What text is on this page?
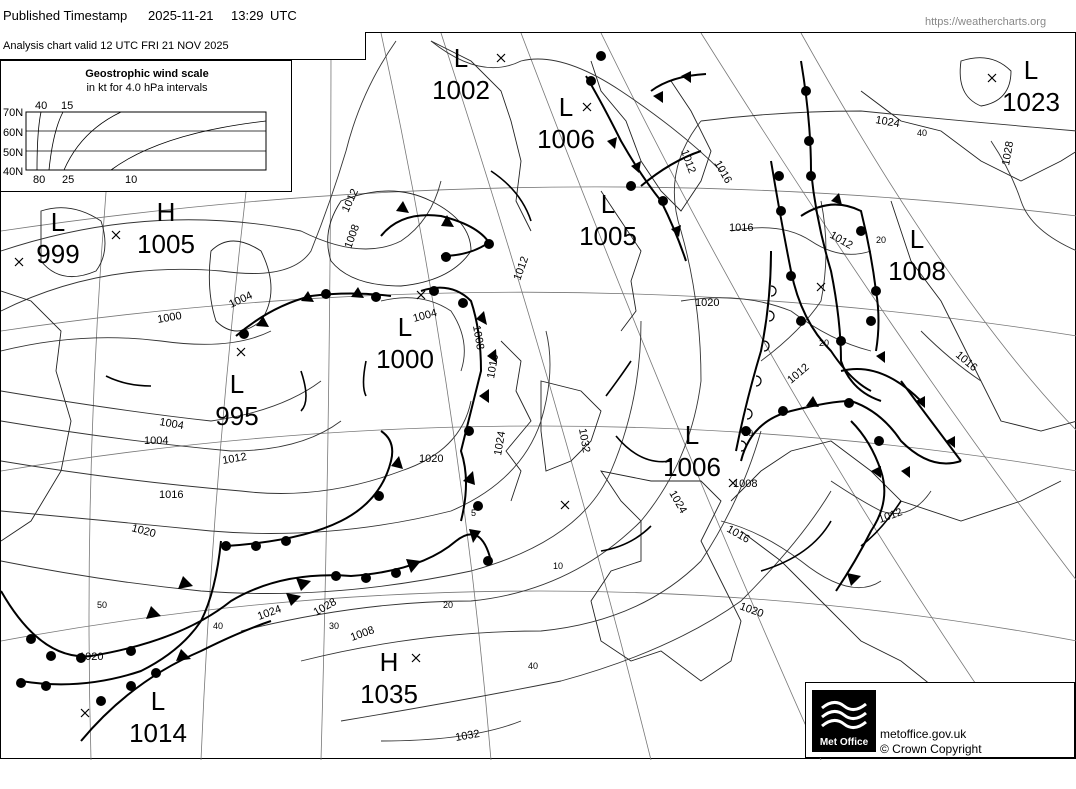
Published Timestamp 2025-11-21 13:29 UTC	https://weathercharts.org
L
1002
L
1006
L
1023
L
999
H
1005
L
1005	L
1008
L
1000
L
995
L
1006
H
1035
L
1014
1024
1020
1028
1012 1016
1012
1008
1012
1004
1008
1016
1016
1012
1020
1012
1004
1000
1004
1004
1008
1012
1016
1020
1020
1024	1028
1024	1032
1016
1008
1024
1016
1012
1020
1032
40
20
20
10
10
5
50
40	30
20
40
Analysis chart valid 12 UTC FRI 21 NOV 2025
Geostrophic wind scale
in kt for 4.0 hPa intervals
70N
60N
50N
40N
40 15
80 25	10
Met Office
metoffice.gov.uk
© Crown Copyright
